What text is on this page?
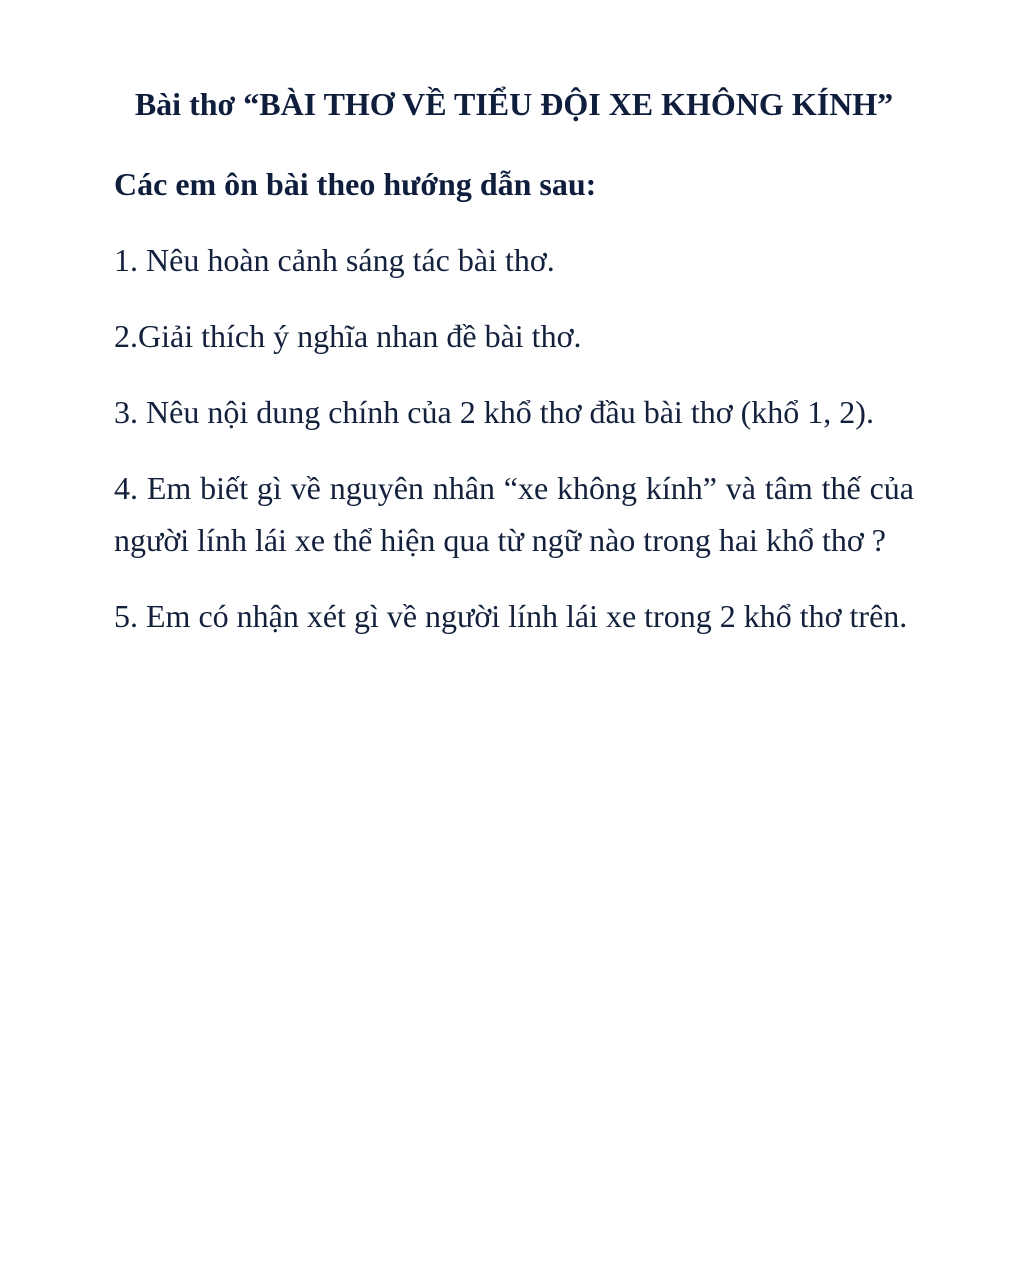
Bài thơ “BÀI THƠ VỀ TIỂU ĐỘI XE KHÔNG KÍNH”

Các em ôn bài theo hướng dẫn sau:

1. Nêu hoàn cảnh sáng tác bài thơ.

2.Giải thích ý nghĩa nhan đề bài thơ.

3. Nêu nội dung chính của 2 khổ thơ đầu bài thơ (khổ 1, 2).

4. Em biết gì về nguyên nhân “xe không kính” và tâm thế của người lính lái xe thể hiện qua từ ngữ nào trong hai khổ thơ ?

5. Em có nhận xét gì về người lính lái xe trong 2 khổ thơ trên.
